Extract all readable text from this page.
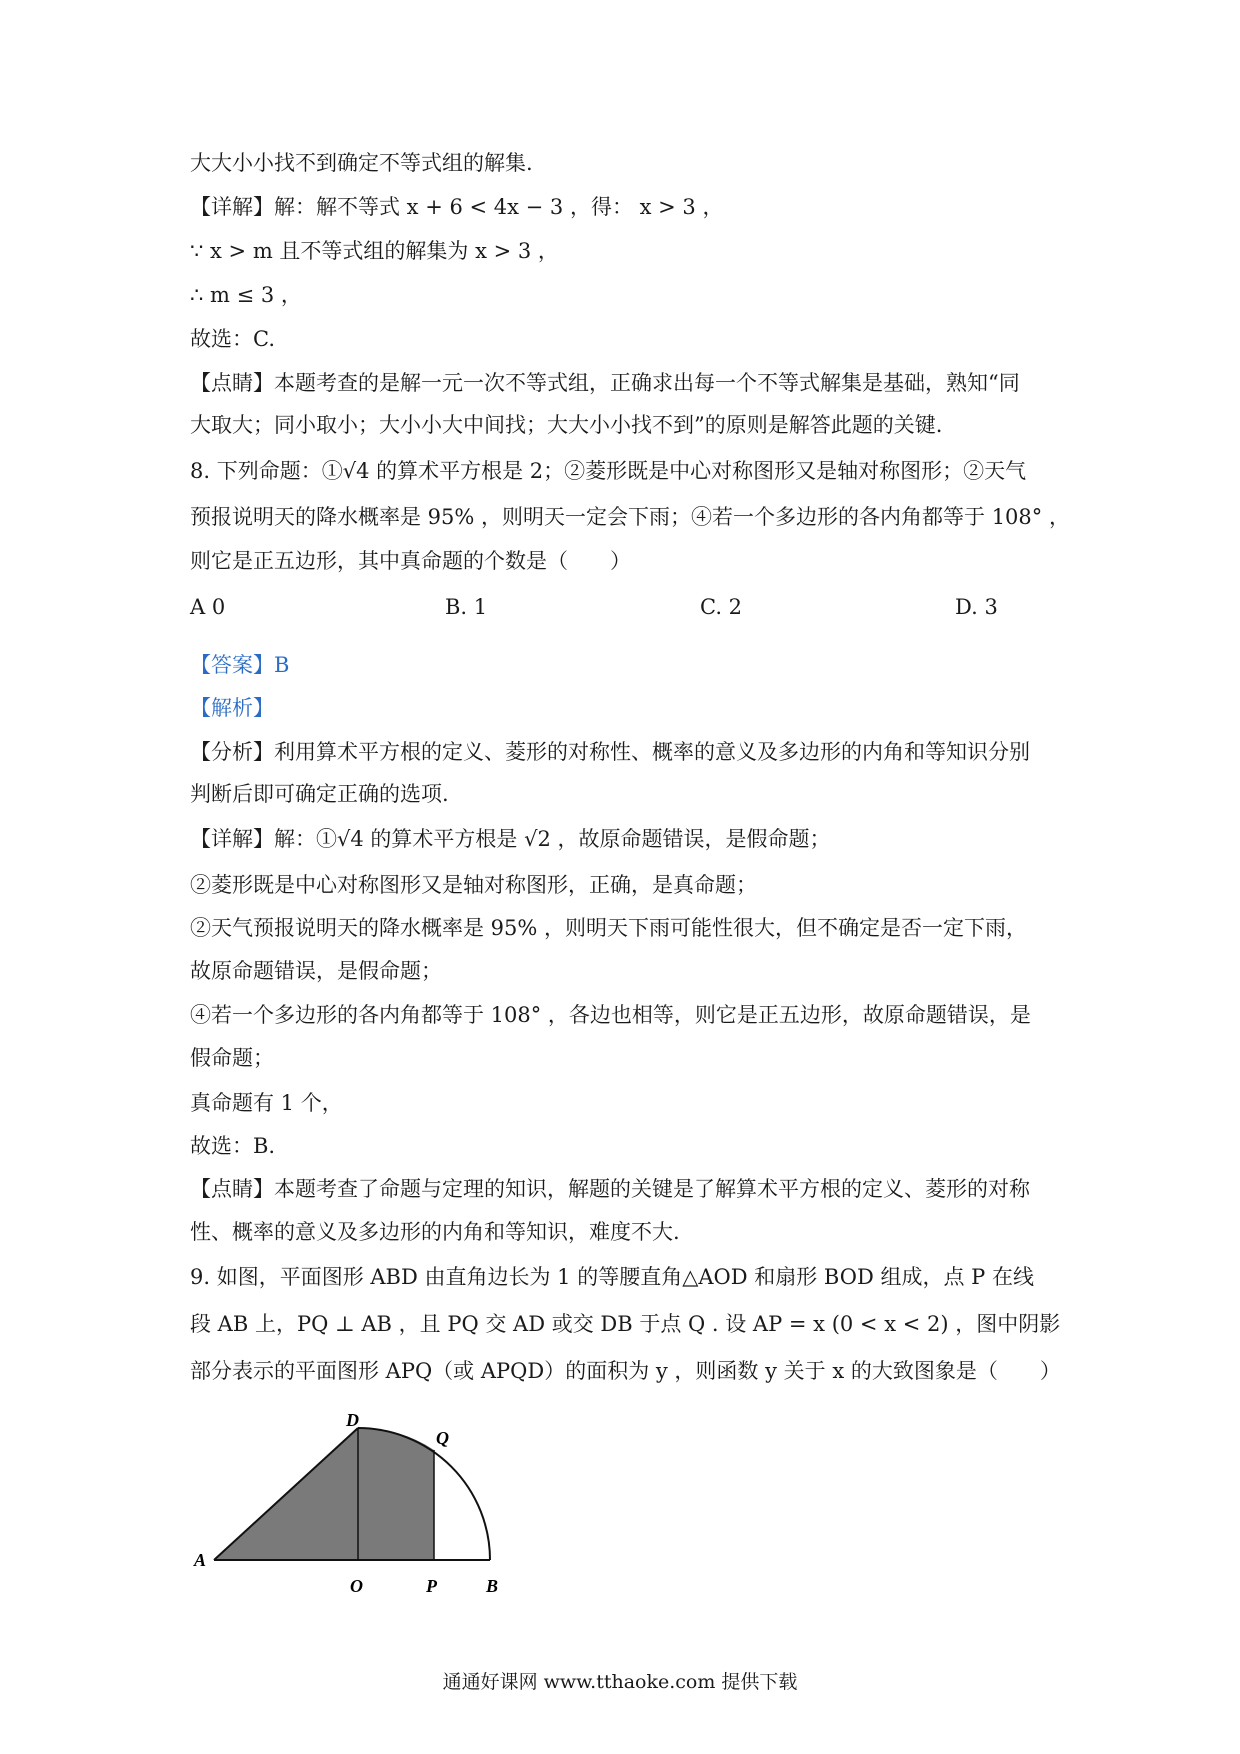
大大小小找不到确定不等式组的解集.
【详解】解：解不等式 x + 6 < 4x − 3 ，得： x > 3 ，
∵ x > m 且不等式组的解集为 x > 3 ，
∴ m ≤ 3 ，
故选：C.
【点睛】本题考查的是解一元一次不等式组，正确求出每一个不等式解集是基础，熟知“同
大取大；同小取小；大小小大中间找；大大小小找不到”的原则是解答此题的关键.
8. 下列命题：①√4 的算术平方根是 2；②菱形既是中心对称图形又是轴对称图形；②天气
预报说明天的降水概率是 95% ，则明天一定会下雨；④若一个多边形的各内角都等于 108° ，
则它是正五边形，其中真命题的个数是（　　）
A 0	B. 1	C. 2	D. 3
【答案】B
【解析】
【分析】利用算术平方根的定义、菱形的对称性、概率的意义及多边形的内角和等知识分别
判断后即可确定正确的选项.
【详解】解：①√4 的算术平方根是 √2 ，故原命题错误，是假命题；
②菱形既是中心对称图形又是轴对称图形，正确，是真命题；
②天气预报说明天的降水概率是 95% ，则明天下雨可能性很大，但不确定是否一定下雨，
故原命题错误，是假命题；
④若一个多边形的各内角都等于 108° ，各边也相等，则它是正五边形，故原命题错误，是
假命题；
真命题有 1 个，
故选：B.
【点睛】本题考查了命题与定理的知识，解题的关键是了解算术平方根的定义、菱形的对称
性、概率的意义及多边形的内角和等知识，难度不大.
9. 如图，平面图形 ABD 由直角边长为 1 的等腰直角△AOD 和扇形 BOD 组成，点 P 在线
段 AB 上，PQ ⊥ AB ，且 PQ 交 AD 或交 DB 于点 Q . 设 AP = x (0 < x < 2) ，图中阴影
部分表示的平面图形 APQ（或 APQD）的面积为 y ，则函数 y 关于 x 的大致图象是（　　）
A
O	P	B
D
Q
通通好课网 www.tthaoke.com 提供下载
